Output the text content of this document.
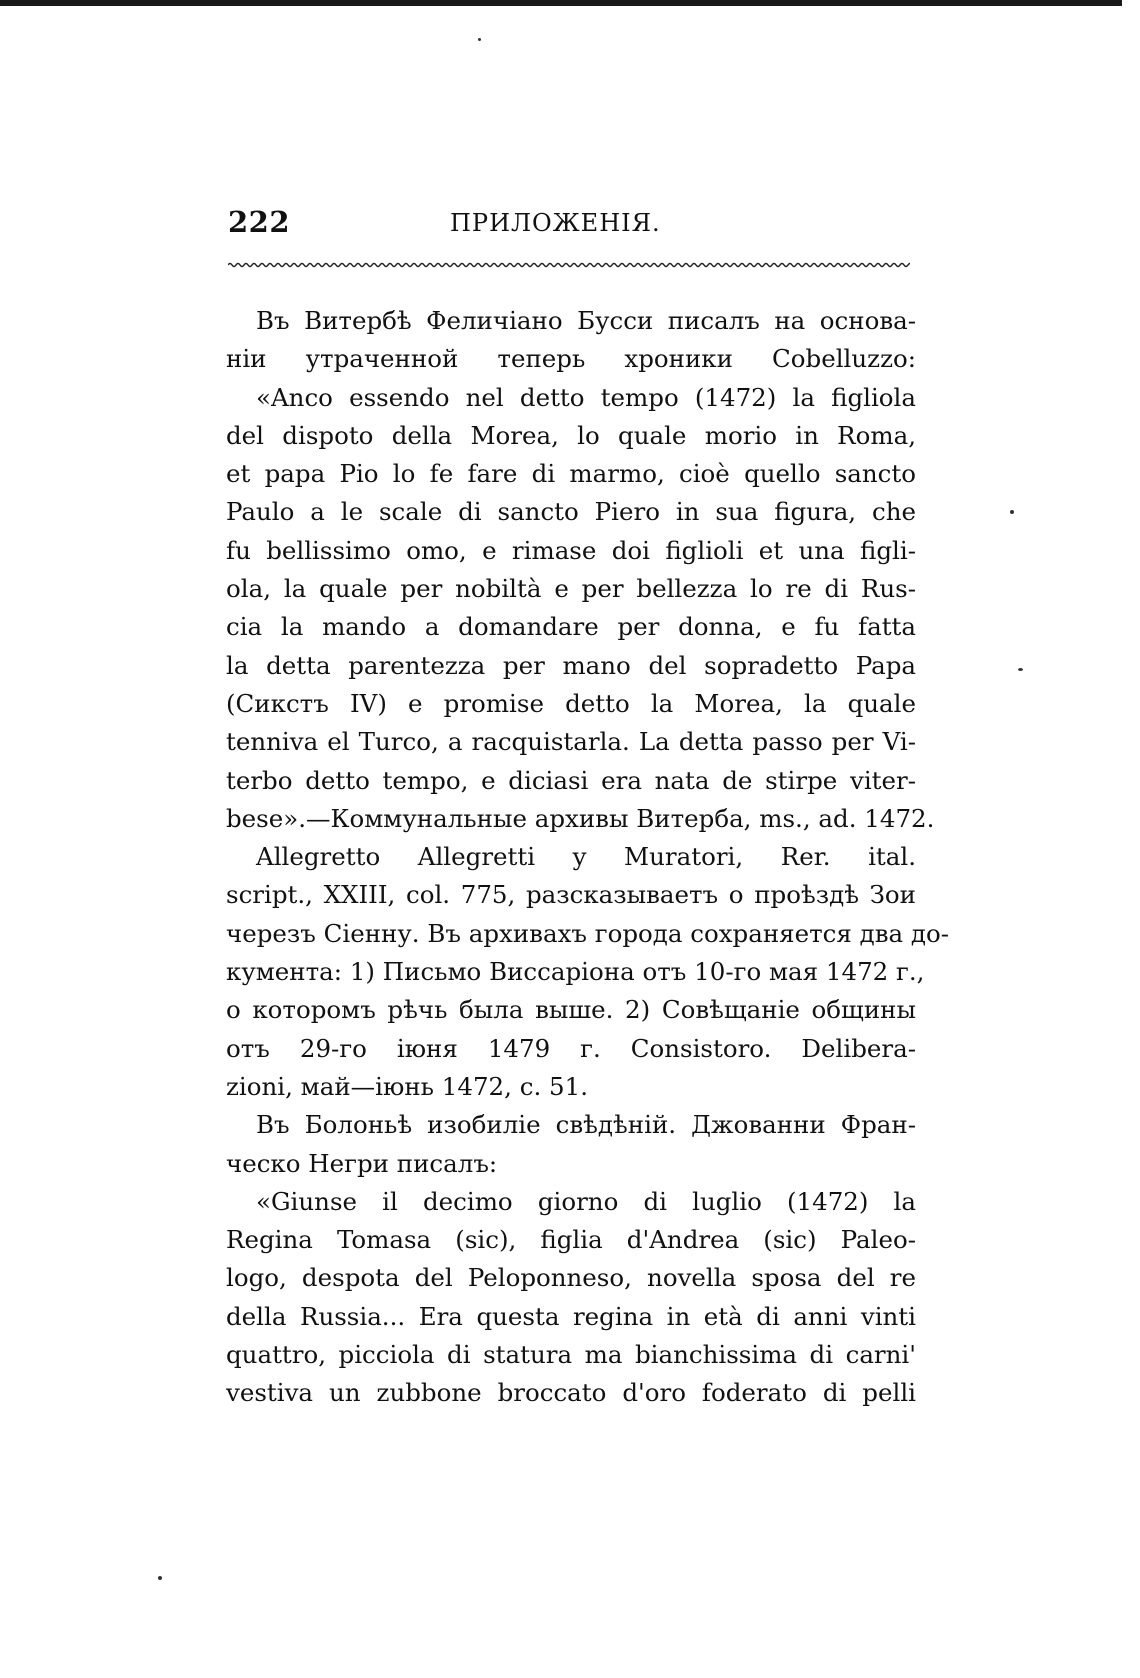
222	ПРИЛОЖЕНІЯ.
Въ Витербѣ Феличіано Бусси писалъ на основа-
ніи утраченной теперь хроники Cobelluzzo:
«Anco essendo nel detto tempo (1472) la figliola
del dispoto della Morea, lo quale morio in Roma,
et papa Pio lo fe fare di marmo, cioè quello sancto
Paulo a le scale di sancto Piero in sua figura, che
fu bellissimo omo, e rimase doi figlioli et una figli-
ola, la quale per nobiltà e per bellezza lo re di Rus-
cia la mando a domandare per donna, e fu fatta
la detta parentezza per mano del sopradetto Papa
(Сикстъ IV) e promise detto la Morea, la quale
tenniva el Turco, a racquistarla. La detta passo per Vi-
terbo detto tempo, e diciasi era nata de stirpe viter-
bese».—Коммунальные архивы Витерба, ms., ad. 1472.
Allegretto Allegretti y Muratori, Rer. ital.
script., XXIII, col. 775, разсказываетъ о проѣздѣ Зои
черезъ Сіенну. Въ архивахъ города сохраняется два до-
кумента: 1) Письмо Виссаріона отъ 10-го мая 1472 г.,
о которомъ рѣчь была выше. 2) Совѣщаніе общины
отъ 29-го іюня 1479 г. Consistoro. Delibera-
zioni, май—іюнь 1472, с. 51.
Въ Болоньѣ изобиліе свѣдѣній. Джованни Фран-
ческо Негри писалъ:
«Giunse il decimo giorno di luglio (1472) la
Regina Tomasa (sic), figlia d'Andrea (sic) Paleo-
logo, despota del Peloponneso, novella sposa del re
della Russia... Era questa regina in età di anni vinti
quattro, picciola di statura ma bianchissima di carni'
vestiva un zubbone broccato d'oro foderato di pelli
